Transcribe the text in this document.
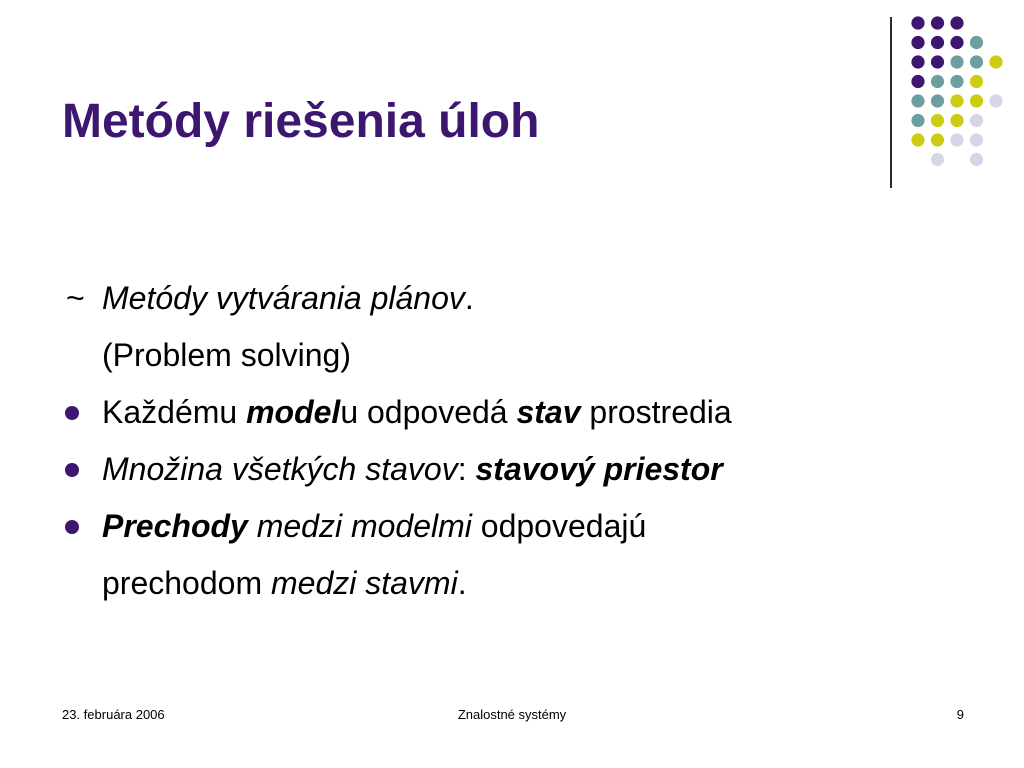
Metódy riešenia úloh
~ Metódy vytvárania plánov.
(Problem solving)
Každému modelu odpovedá stav prostredia
Množina všetkých stavov: stavový priestor
Prechody medzi modelmi odpovedajú
prechodom medzi stavmi.
23. februára 2006	Znalostné systémy	9
